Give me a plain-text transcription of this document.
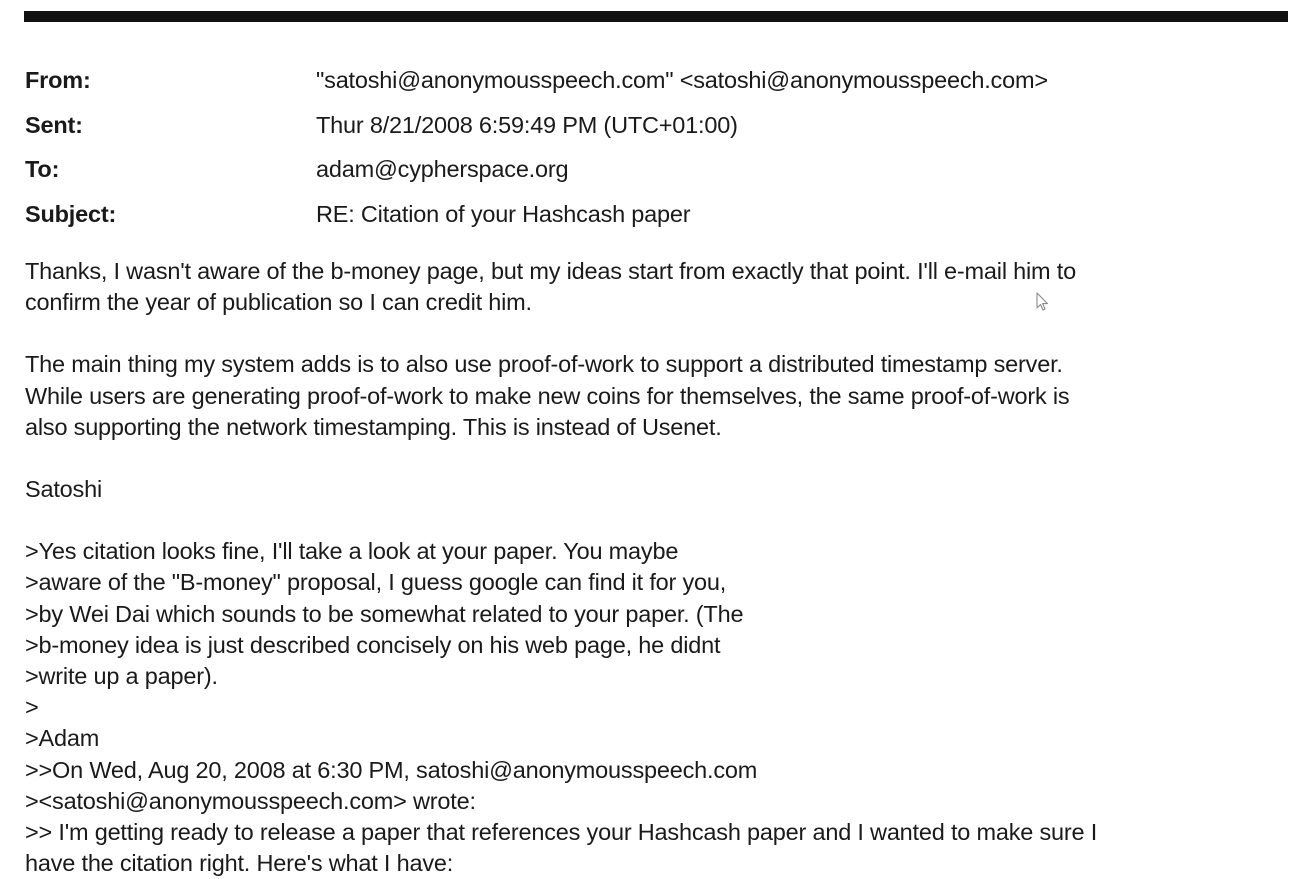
From:	"satoshi@anonymousspeech.com" <satoshi@anonymousspeech.com>
Sent:	Thur 8/21/2008 6:59:49 PM (UTC+01:00)
To:	adam@cypherspace.org
Subject:	RE: Citation of your Hashcash paper
Thanks, I wasn't aware of the b-money page, but my ideas start from exactly that point. I'll e-mail him to
confirm the year of publication so I can credit him.
The main thing my system adds is to also use proof-of-work to support a distributed timestamp server.
While users are generating proof-of-work to make new coins for themselves, the same proof-of-work is
also supporting the network timestamping. This is instead of Usenet.
Satoshi
>Yes citation looks fine, I'll take a look at your paper. You maybe
>aware of the "B-money" proposal, I guess google can find it for you,
>by Wei Dai which sounds to be somewhat related to your paper. (The
>b-money idea is just described concisely on his web page, he didnt
>write up a paper).
>
>Adam
>>On Wed, Aug 20, 2008 at 6:30 PM, satoshi@anonymousspeech.com
><satoshi@anonymousspeech.com> wrote:
>> I'm getting ready to release a paper that references your Hashcash paper and I wanted to make sure I
have the citation right. Here's what I have:
